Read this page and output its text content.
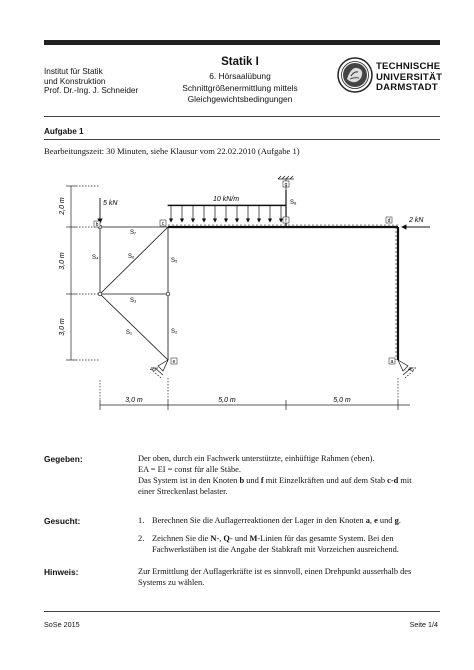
Institut für Statik
und Konstruktion
Prof. Dr.-Ing. J. Schneider
Statik I
6. Hörsaalübung
Schnittgrößenermittlung mittels
Gleichgewichtsbedingungen
TECHNISCHE
UNIVERSITÄT
DARMSTADT
Aufgabe 1
Bearbeitungszeit: 30 Minuten, siehe Klausur vom 22.02.2010 (Aufgabe 1)
2,0 m
3,0 m
3,0 m
10 kN/m
5 kN
2 kN
45°	45°
g
b	c	d
f
e	a
S₇
S₄	S₆
S₅
S₃
S₁	S₂
S₈
3,0 m	5,0 m	5,0 m
Gegeben:	Der oben, durch ein Fachwerk unterstützte, einhüftige Rahmen (eben).
EA = EI = const für alle Stäbe.
Das System ist in den Knoten b und f mit Einzelkräften und auf dem Stab c-d mit
einer Streckenlast belaster.
Gesucht:	1. Berechnen Sie die Auflagerreaktionen der Lager in den Knoten a, e und g.
2. Zeichnen Sie die N-, Q- und M-Linien für das gesamte System. Bei den Fachwerkstäben ist die Angabe der Stabkraft mit Vorzeichen ausreichend.
Hinweis:	Zur Ermittlung der Auflagerkräfte ist es sinnvoll, einen Drehpunkt ausserhalb des Systems zu wählen.
SoSe 2015	Seite 1/4
